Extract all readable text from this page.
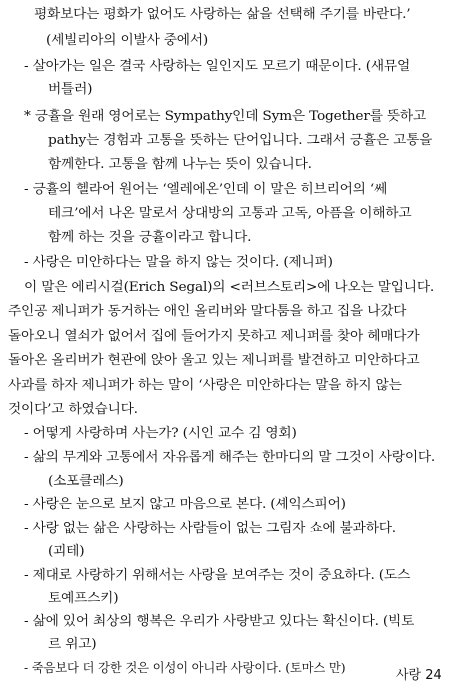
평화보다는 평화가 없어도 사랑하는 삶을 선택해 주기를 바란다.’
(세빌리아의 이발사 중에서)
- 살아가는 일은 결국 사랑하는 일인지도 모르기 때문이다. (새뮤얼
버틀러)
* 긍휼을 원래 영어로는 Sympathy인데 Sym은 Together를 뜻하고
pathy는 경험과 고통을 뜻하는 단어입니다. 그래서 긍휼은 고통을
함께한다. 고통을 함께 나누는 뜻이 있습니다.
- 긍휼의 헬라어 원어는 ‘엘레에온’인데 이 말은 히브리어의 ‘쎄
테크’에서 나온 말로서 상대방의 고통과 고독, 아픔을 이해하고
함께 하는 것을 긍휼이라고 합니다.
- 사랑은 미안하다는 말을 하지 않는 것이다. (제니퍼)
이 말은 에리시걸(Erich Segal)의 <러브스토리>에 나오는 말입니다.
주인공 제니퍼가 동거하는 애인 올리버와 말다툼을 하고 집을 나갔다
돌아오니 열쇠가 없어서 집에 들어가지 못하고 제니퍼를 찾아 헤매다가
돌아온 올리버가 현관에 앉아 울고 있는 제니퍼를 발견하고 미안하다고
사과를 하자 제니퍼가 하는 말이 ‘사랑은 미안하다는 말을 하지 않는
것이다’고 하였습니다.
- 어떻게 사랑하며 사는가? (시인 교수 김 영회)
- 삶의 무게와 고통에서 자유롭게 해주는 한마디의 말 그것이 사랑이다.
(소포클레스)
- 사랑은 눈으로 보지 않고 마음으로 본다. (셰익스피어)
- 사랑 없는 삶은 사랑하는 사람들이 없는 그림자 쇼에 불과하다.
(괴테)
- 제대로 사랑하기 위해서는 사랑을 보여주는 것이 중요하다. (도스
토예프스키)
- 삶에 있어 최상의 행복은 우리가 사랑받고 있다는 확신이다. (빅토
르 위고)
- 죽음보다 더 강한 것은 이성이 아니라 사랑이다. (토마스 만)
사랑 24
